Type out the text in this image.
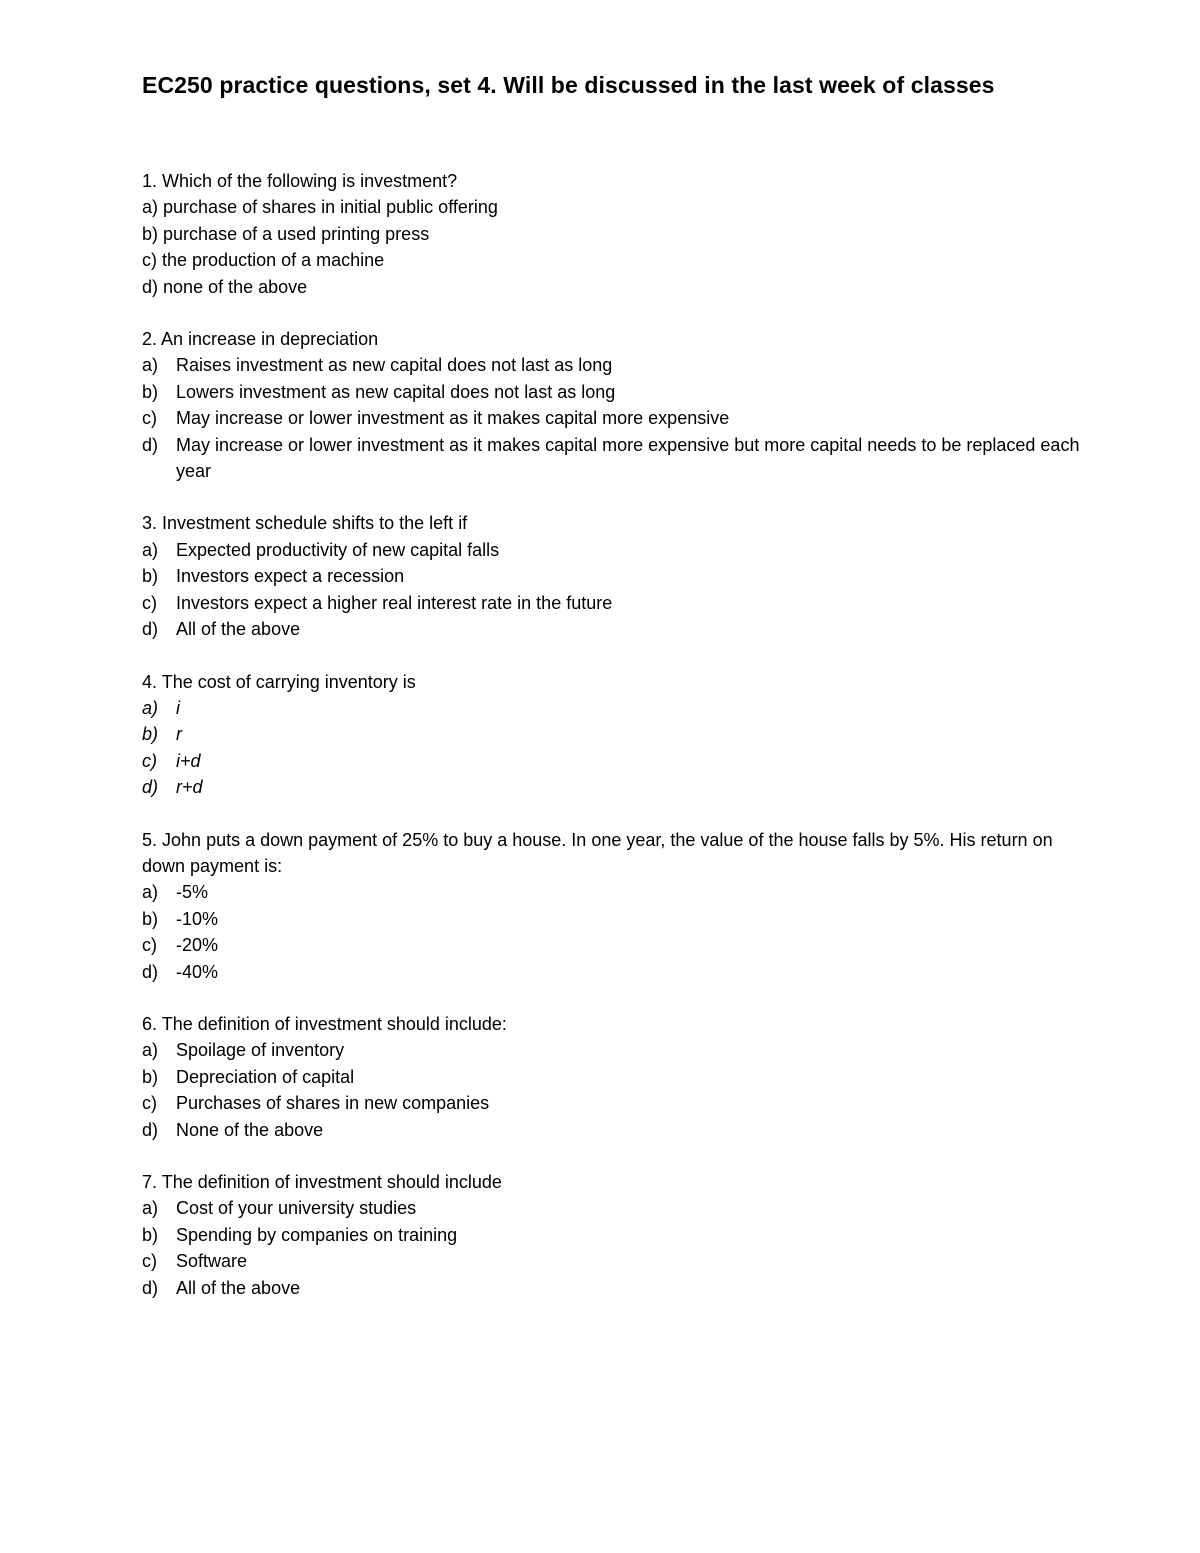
EC250 practice questions, set 4. Will be discussed in the last week of classes
1. Which of the following is investment?
a) purchase of shares in initial public offering
b) purchase of a used printing press
c) the production of a machine
d) none of the above
2. An increase in depreciation
a) Raises investment as new capital does not last as long
b) Lowers investment as new capital does not last as long
c)	May increase or lower investment as it makes capital more expensive
d) May increase or lower investment as it makes capital more expensive but more capital needs to be replaced each year
3. Investment schedule shifts to the left if
a) Expected productivity of new capital falls
b) Investors expect a recession
c)	Investors expect a higher real interest rate in the future
d) All of the above
4. The cost of carrying inventory is
a) i
b) r
c)	i+d
d) r+d
5. John puts a down payment of 25% to buy a house. In one year, the value of the house falls by 5%. His return on down payment is:
a) -5%
b) -10%
c)	-20%
d) -40%
6. The definition of investment should include:
a) Spoilage of inventory
b) Depreciation of capital
c)	Purchases of shares in new companies
d) None of the above
7. The definition of investment should include
a) Cost of your university studies
b) Spending by companies on training
c)	Software
d) All of the above
